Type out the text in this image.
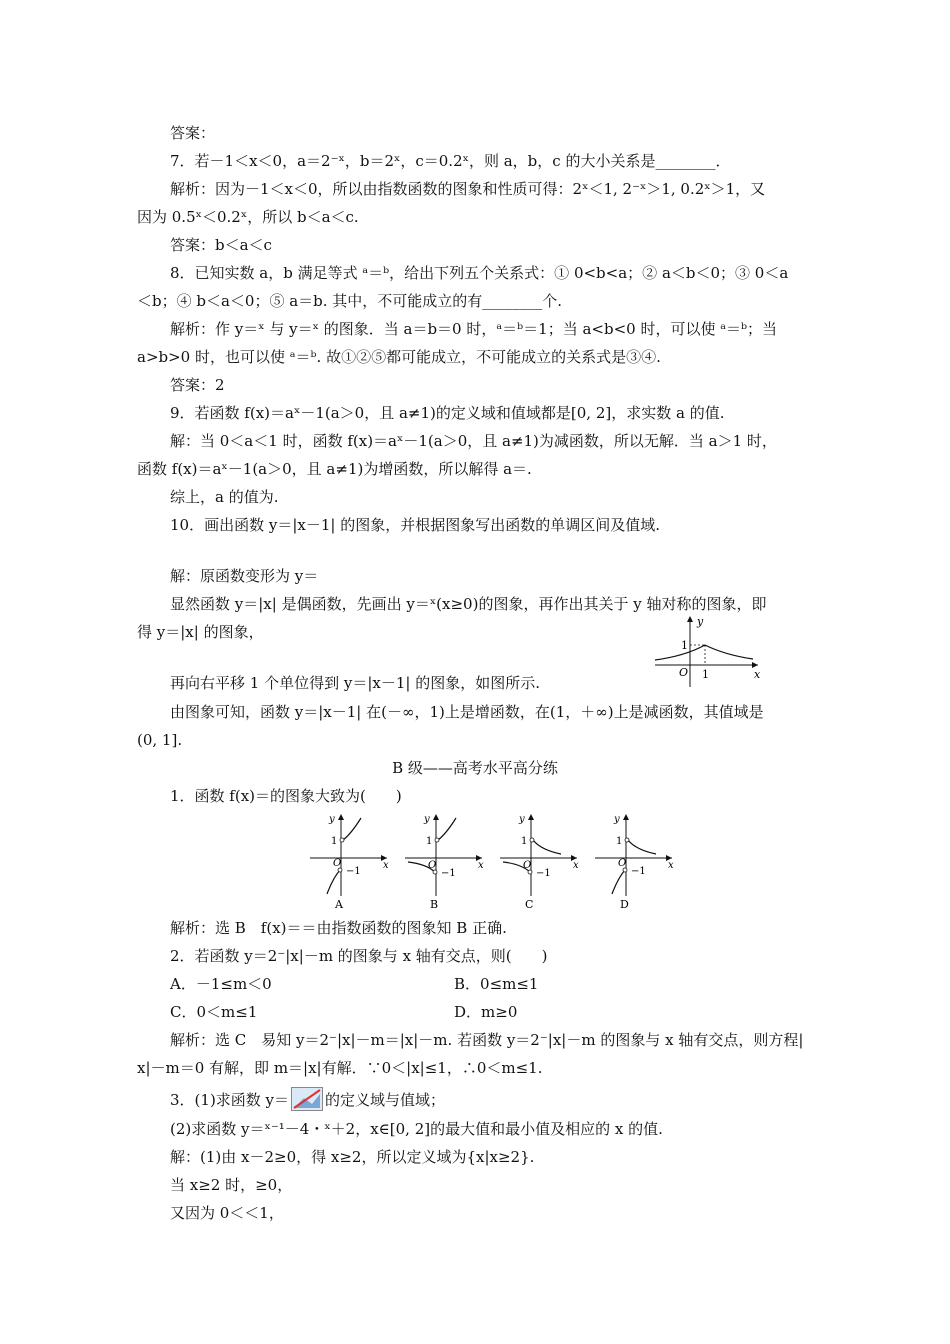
答案：
7．若－1＜x＜0，a＝2⁻ˣ，b＝2ˣ，c＝0.2ˣ，则 a，b，c 的大小关系是________．
解析：因为－1＜x＜0，所以由指数函数的图象和性质可得：2ˣ＜1, 2⁻ˣ＞1, 0.2ˣ＞1，又
因为 0.5ˣ＜0.2ˣ，所以 b＜a＜c.
答案：b＜a＜c
8．已知实数 a，b 满足等式 ᵃ＝ᵇ，给出下列五个关系式：① 0<b<a；② a＜b＜0；③ 0＜a
＜b；④ b＜a＜0；⑤ a＝b. 其中，不可能成立的有________个.
解析：作 y＝ˣ 与 y＝ˣ 的图象．当 a＝b＝0 时，ᵃ＝ᵇ＝1；当 a<b<0 时，可以使 ᵃ＝ᵇ；当
a>b>0 时，也可以使 ᵃ＝ᵇ. 故①②⑤都可能成立，不可能成立的关系式是③④.
答案：2
9．若函数 f(x)＝aˣ－1(a＞0，且 a≠1)的定义域和值域都是[0, 2]，求实数 a 的值.
解：当 0＜a＜1 时，函数 f(x)＝aˣ－1(a＞0，且 a≠1)为减函数，所以无解．当 a＞1 时，
函数 f(x)＝aˣ－1(a＞0，且 a≠1)为增函数，所以解得 a＝.
综上，a 的值为.
10．画出函数 y＝|x－1| 的图象，并根据图象写出函数的单调区间及值域.
解：原函数变形为 y＝
显然函数 y＝|x| 是偶函数，先画出 y＝ˣ(x≥0)的图象，再作出其关于 y 轴对称的图象，即
得 y＝|x| 的图象，
y
x
O
1
1
再向右平移 1 个单位得到 y＝|x－1| 的图象，如图所示.
由图象可知，函数 y＝|x－1| 在(－∞，1)上是增函数，在(1，＋∞)上是减函数，其值域是
(0, 1].
B 级——高考水平高分练
1．函数 f(x)＝的图象大致为(　　)
y
x
O
1
−1
A
y
x
O
1
−1
B
y
x
O
1
−1
C
y
x
O
1
−1
D
解析：选 B　f(x)＝＝由指数函数的图象知 B 正确.
2．若函数 y＝2⁻|x|－m 的图象与 x 轴有交点，则(　　)
A．－1≤m＜0	B．0≤m≤1
C．0＜m≤1	D．m≥0
解析：选 C　易知 y＝2⁻|x|－m＝|x|－m. 若函数 y＝2⁻|x|－m 的图象与 x 轴有交点，则方程|
x|－m＝0 有解，即 m＝|x|有解．∵0＜|x|≤1，∴0＜m≤1.
3．(1)求函数 y＝ 的定义域与值域；
(2)求函数 y＝ˣ⁻¹－4・ˣ＋2，x∈[0, 2]的最大值和最小值及相应的 x 的值.
解：(1)由 x－2≥0，得 x≥2，所以定义域为{x|x≥2}.
当 x≥2 时，≥0，
又因为 0＜＜1，
